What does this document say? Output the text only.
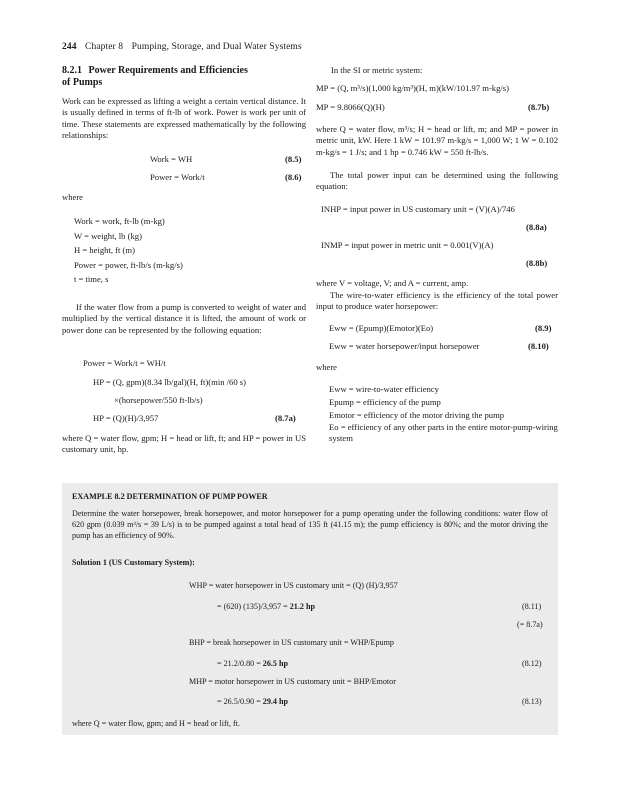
244 Chapter 8 Pumping, Storage, and Dual Water Systems
8.2.1 Power Requirements and Efficiencies
of Pumps
Work can be expressed as lifting a weight a certain vertical distance. It is usually defined in terms of ft-lb of work. Power is work per unit of time. These statements are expressed mathematically by the following relationships:
Work = WH	(8.5)
Power = Work/t	(8.6)
where
Work = work, ft-lb (m-kg)
W = weight, lb (kg)
H = height, ft (m)
Power = power, ft-lb/s (m-kg/s)
t = time, s
If the water flow from a pump is converted to weight of water and multiplied by the vertical distance it is lifted, the amount of work or power done can be represented by the following equation:
Power = Work/t = WH/t
HP = (Q, gpm)(8.34 lb/gal)(H, ft)(min /60 s)
×(horsepower/550 ft-lb/s)
HP = (Q)(H)/3,957	(8.7a)
where Q = water flow, gpm; H = head or lift, ft; and HP = power in US customary unit, hp.
In the SI or metric system:
MP = (Q, m³/s)(1,000 kg/m³)(H, m)(kW/101.97 m-kg/s)
MP = 9.8066(Q)(H)	(8.7b)
where Q = water flow, m³/s; H = head or lift, m; and MP = power in metric unit, kW. Here 1 kW = 101.97 m-kg/s = 1,000 W; 1 W = 0.102 m-kg/s = 1 J/s; and 1 hp = 0.746 kW = 550 ft-lb/s.
The total power input can be determined using the following equation:
INHP = input power in US customary unit = (V)(A)/746
(8.8a)
INMP = input power in metric unit = 0.001(V)(A)
(8.8b)
where V = voltage, V; and A = current, amp.
The wire-to-water efficiency is the efficiency of the total power input to produce water horsepower:
Eww = (Epump)(Emotor)(Eo)	(8.9)
Eww = water horsepower/input horsepower	(8.10)
where
Eww = wire-to-water efficiency
Epump = efficiency of the pump
Emotor = efficiency of the motor driving the pump
Eo = efficiency of any other parts in the entire motor-pump-wiring system
EXAMPLE 8.2 DETERMINATION OF PUMP POWER
Determine the water horsepower, break horsepower, and motor horsepower for a pump operating under the following conditions: water flow of 620 gpm (0.039 m³/s = 39 L/s) is to be pumped against a total head of 135 ft (41.15 m); the pump efficiency is 80%; and the motor driving the pump has an efficiency of 90%.
Solution 1 (US Customary System):
WHP = water horsepower in US customary unit = (Q) (H)/3,957
= (620) (135)/3,957 = 21.2 hp	(8.11)
(= 8.7a)
BHP = break horsepower in US customary unit = WHP/Epump
= 21.2/0.80 = 26.5 hp	(8.12)
MHP = motor horsepower in US customary unit = BHP/Emotor
= 26.5/0.90 = 29.4 hp	(8.13)
where Q = water flow, gpm; and H = head or lift, ft.
